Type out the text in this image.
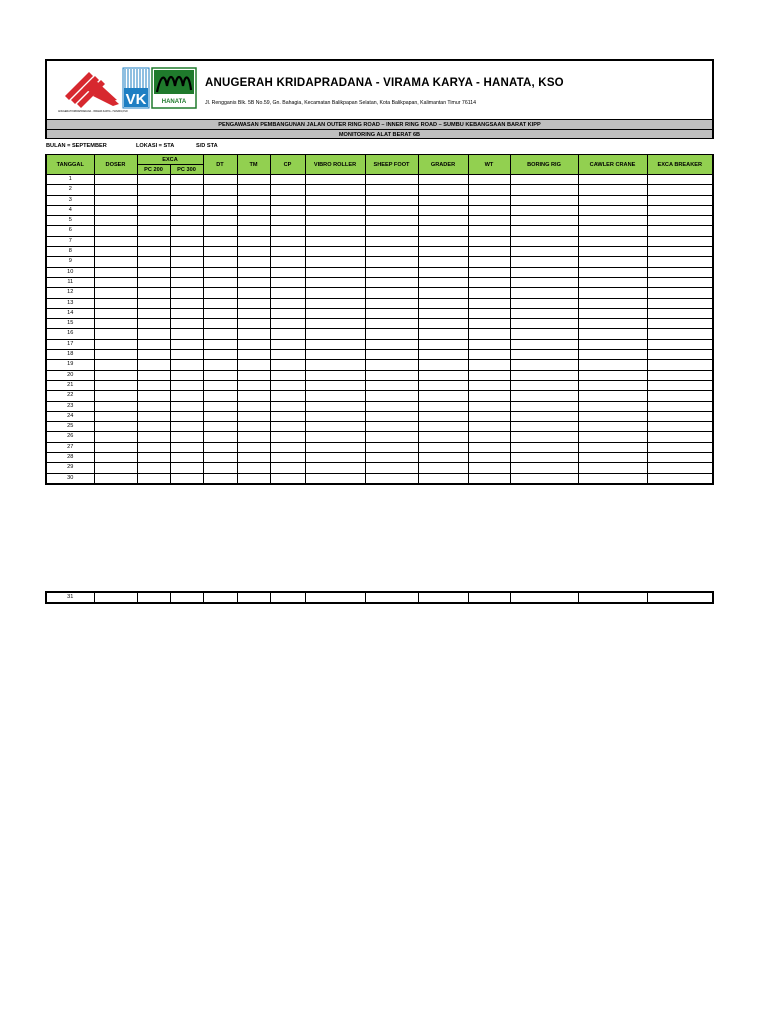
VK	HANATA
ANUGERAH KRIDAPRADANA - VIRAMA KARYA - HANATA,KSO
ANUGERAH KRIDAPRADANA - VIRAMA KARYA - HANATA, KSO
Jl. Rengganis Blk. 5B No.59, Gn. Bahagia, Kecamatan Balikpapan Selatan, Kota Balikpapan, Kalimantan Timur 76114
PENGAWASAN PEMBANGUNAN JALAN OUTER RING ROAD – INNER RING ROAD – SUMBU KEBANGSAAN BARAT KIPP
MONITORING ALAT BERAT 6B
BULAN = SEPTEMBER	LOKASI = STA	S/D STA
TANGGAL	DOSER	EXCA		DT	TM	CP	VIBRO ROLLER	SHEEP FOOT	GRADER	WT	BORING RIG	CAWLER CRANE	EXCA BREAKER
		PC 200	PC 300										
1													
2													
3													
4													
5													
6													
7													
8													
9													
10													
11													
12													
13													
14													
15													
16													
17													
18													
19													
20													
21													
22													
23													
24													
25													
26													
27													
28													
29													
30													
31													
